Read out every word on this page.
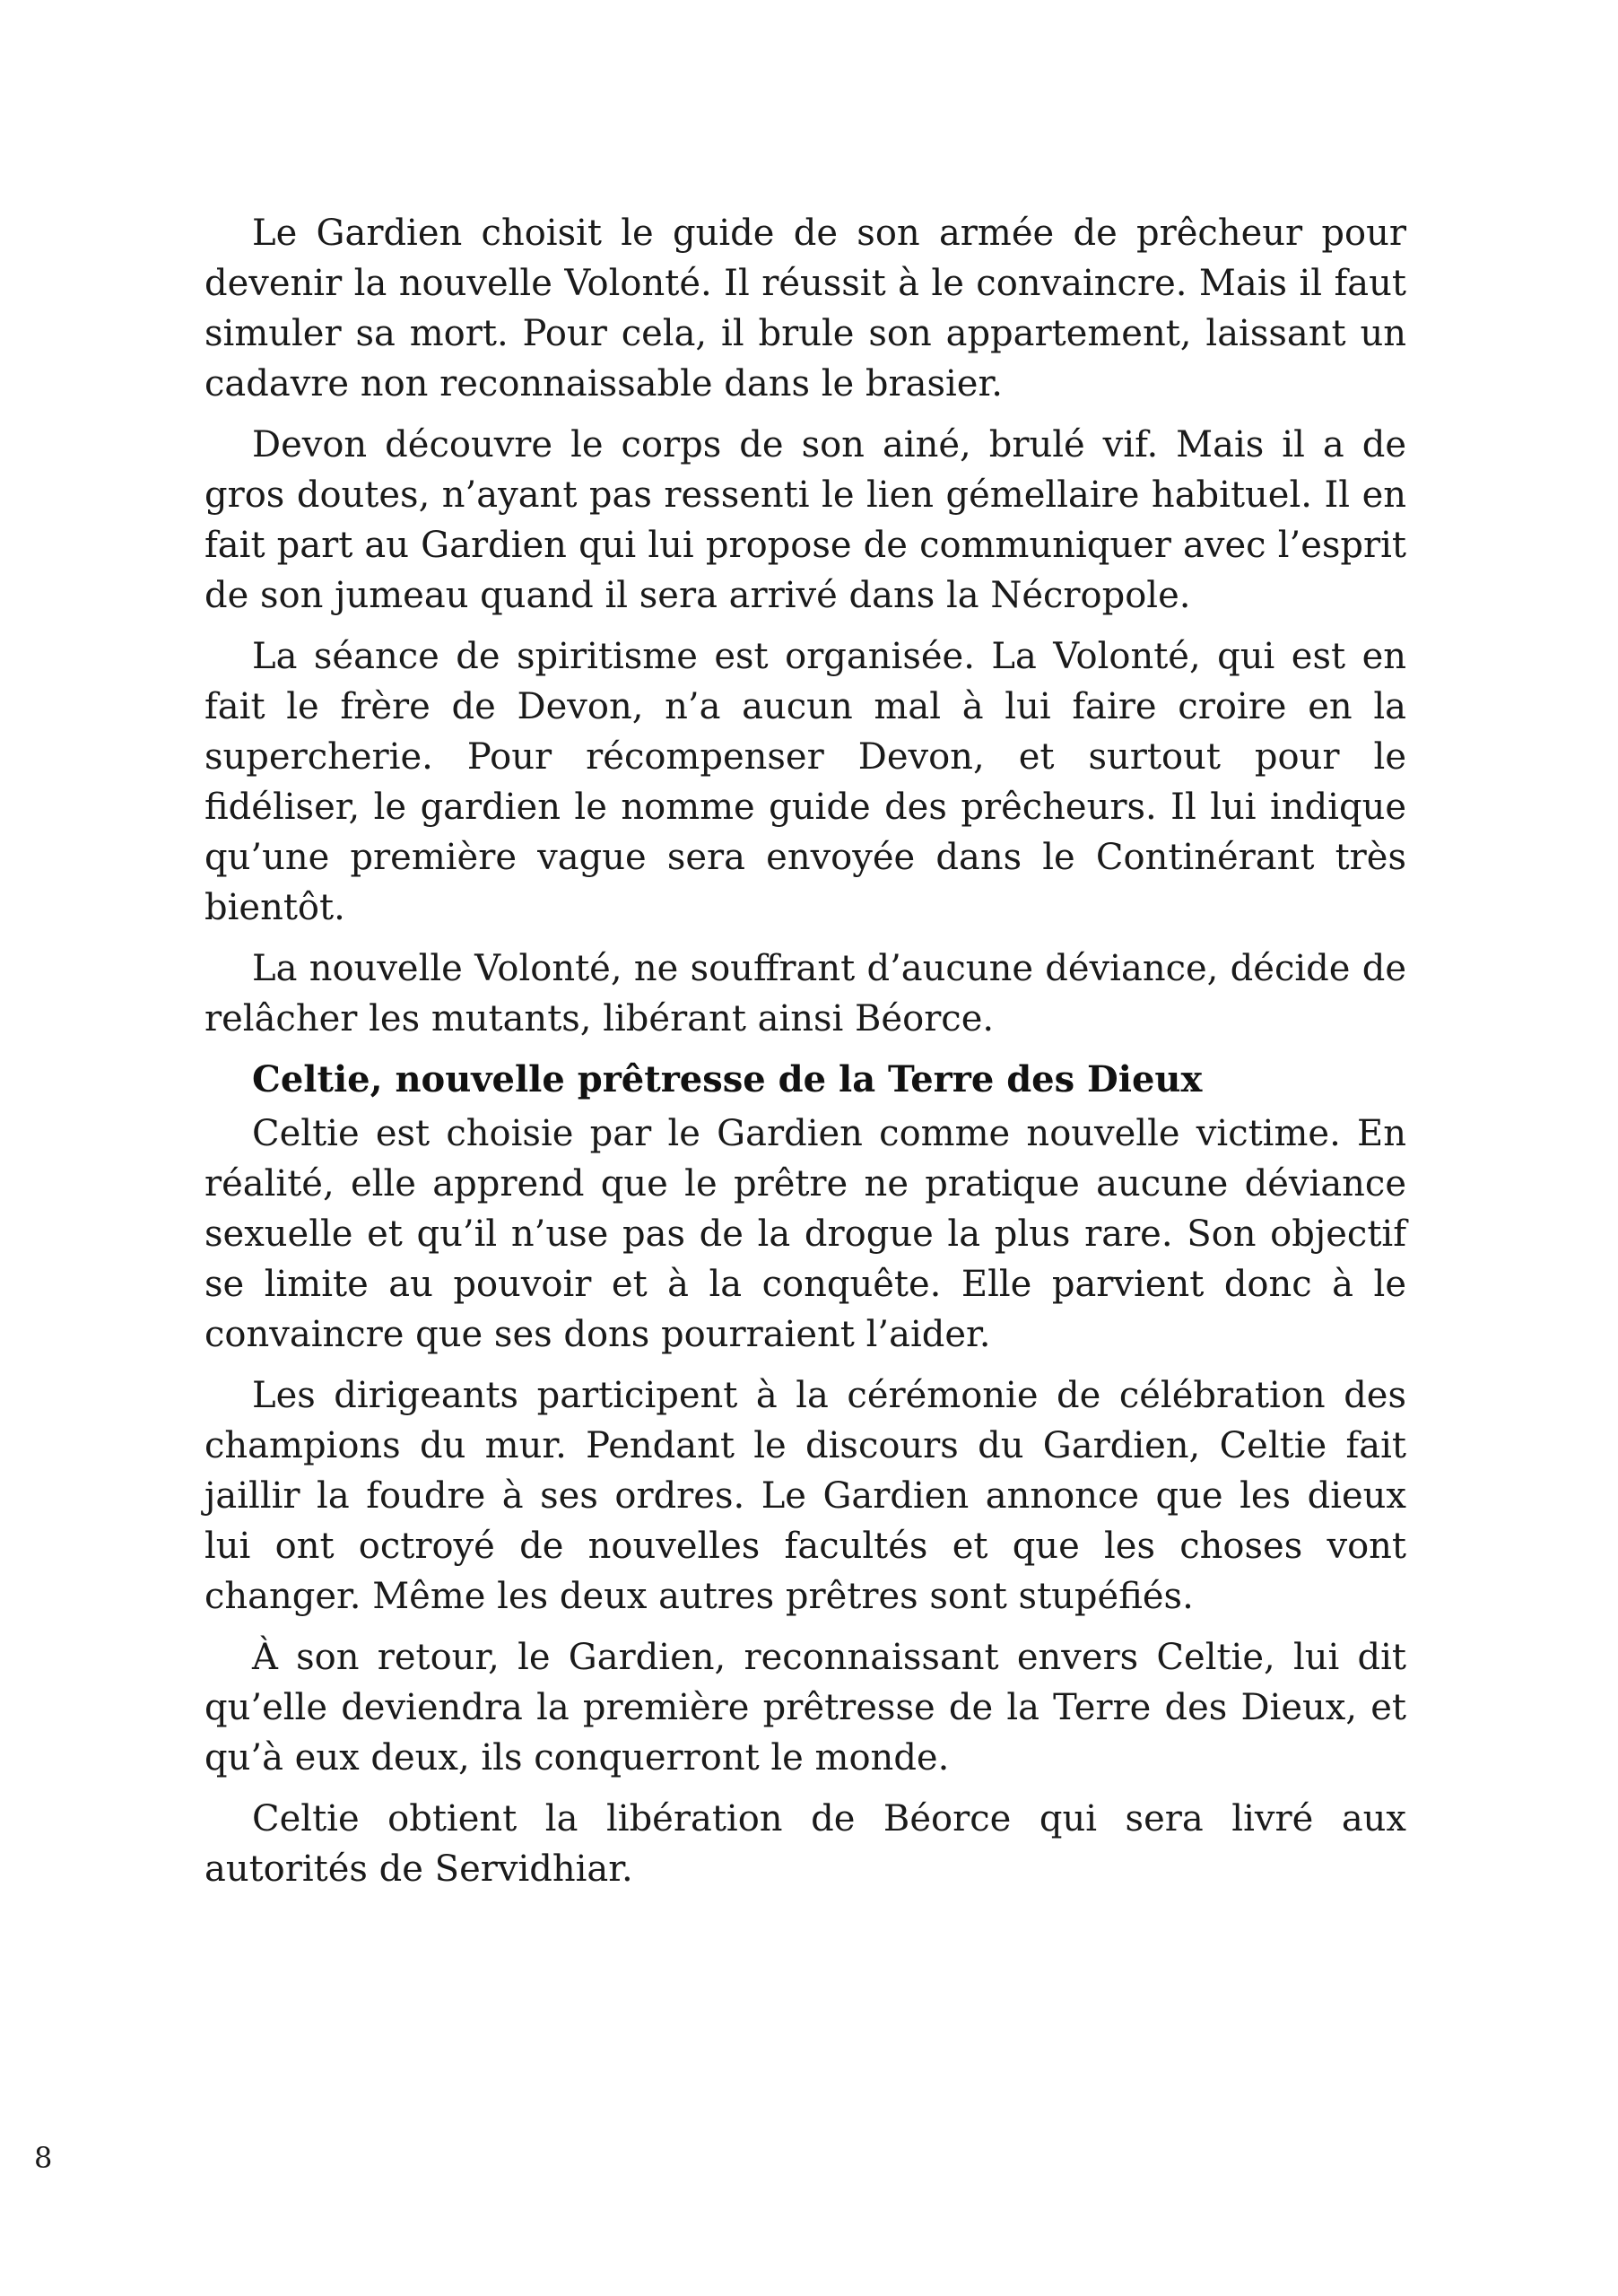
Le Gardien choisit le guide de son armée de prêcheur pour devenir la nouvelle Volonté. Il réussit à le convaincre. Mais il faut simuler sa mort. Pour cela, il brule son appartement, laissant un cadavre non reconnaissable dans le brasier.

Devon découvre le corps de son ainé, brulé vif. Mais il a de gros doutes, n’ayant pas ressenti le lien gémellaire habituel. Il en fait part au Gardien qui lui propose de communiquer avec l’esprit de son jumeau quand il sera arrivé dans la Nécropole.

La séance de spiritisme est organisée. La Volonté, qui est en fait le frère de Devon, n’a aucun mal à lui faire croire en la supercherie. Pour récompenser Devon, et surtout pour le fidéliser, le gardien le nomme guide des prêcheurs. Il lui indique qu’une première vague sera envoyée dans le Continérant très bientôt.

La nouvelle Volonté, ne souffrant d’aucune déviance, décide de relâcher les mutants, libérant ainsi Béorce.

Celtie, nouvelle prêtresse de la Terre des Dieux

Celtie est choisie par le Gardien comme nouvelle victime. En réalité, elle apprend que le prêtre ne pratique aucune déviance sexuelle et qu’il n’use pas de la drogue la plus rare. Son objectif se limite au pouvoir et à la conquête. Elle parvient donc à le convaincre que ses dons pourraient l’aider.

Les dirigeants participent à la cérémonie de célébration des champions du mur. Pendant le discours du Gardien, Celtie fait jaillir la foudre à ses ordres. Le Gardien annonce que les dieux lui ont octroyé de nouvelles facultés et que les choses vont changer. Même les deux autres prêtres sont stupéfiés.

À son retour, le Gardien, reconnaissant envers Celtie, lui dit qu’elle deviendra la première prêtresse de la Terre des Dieux, et qu’à eux deux, ils conquerront le monde.

Celtie obtient la libération de Béorce qui sera livré aux autorités de Servidhiar.

8
